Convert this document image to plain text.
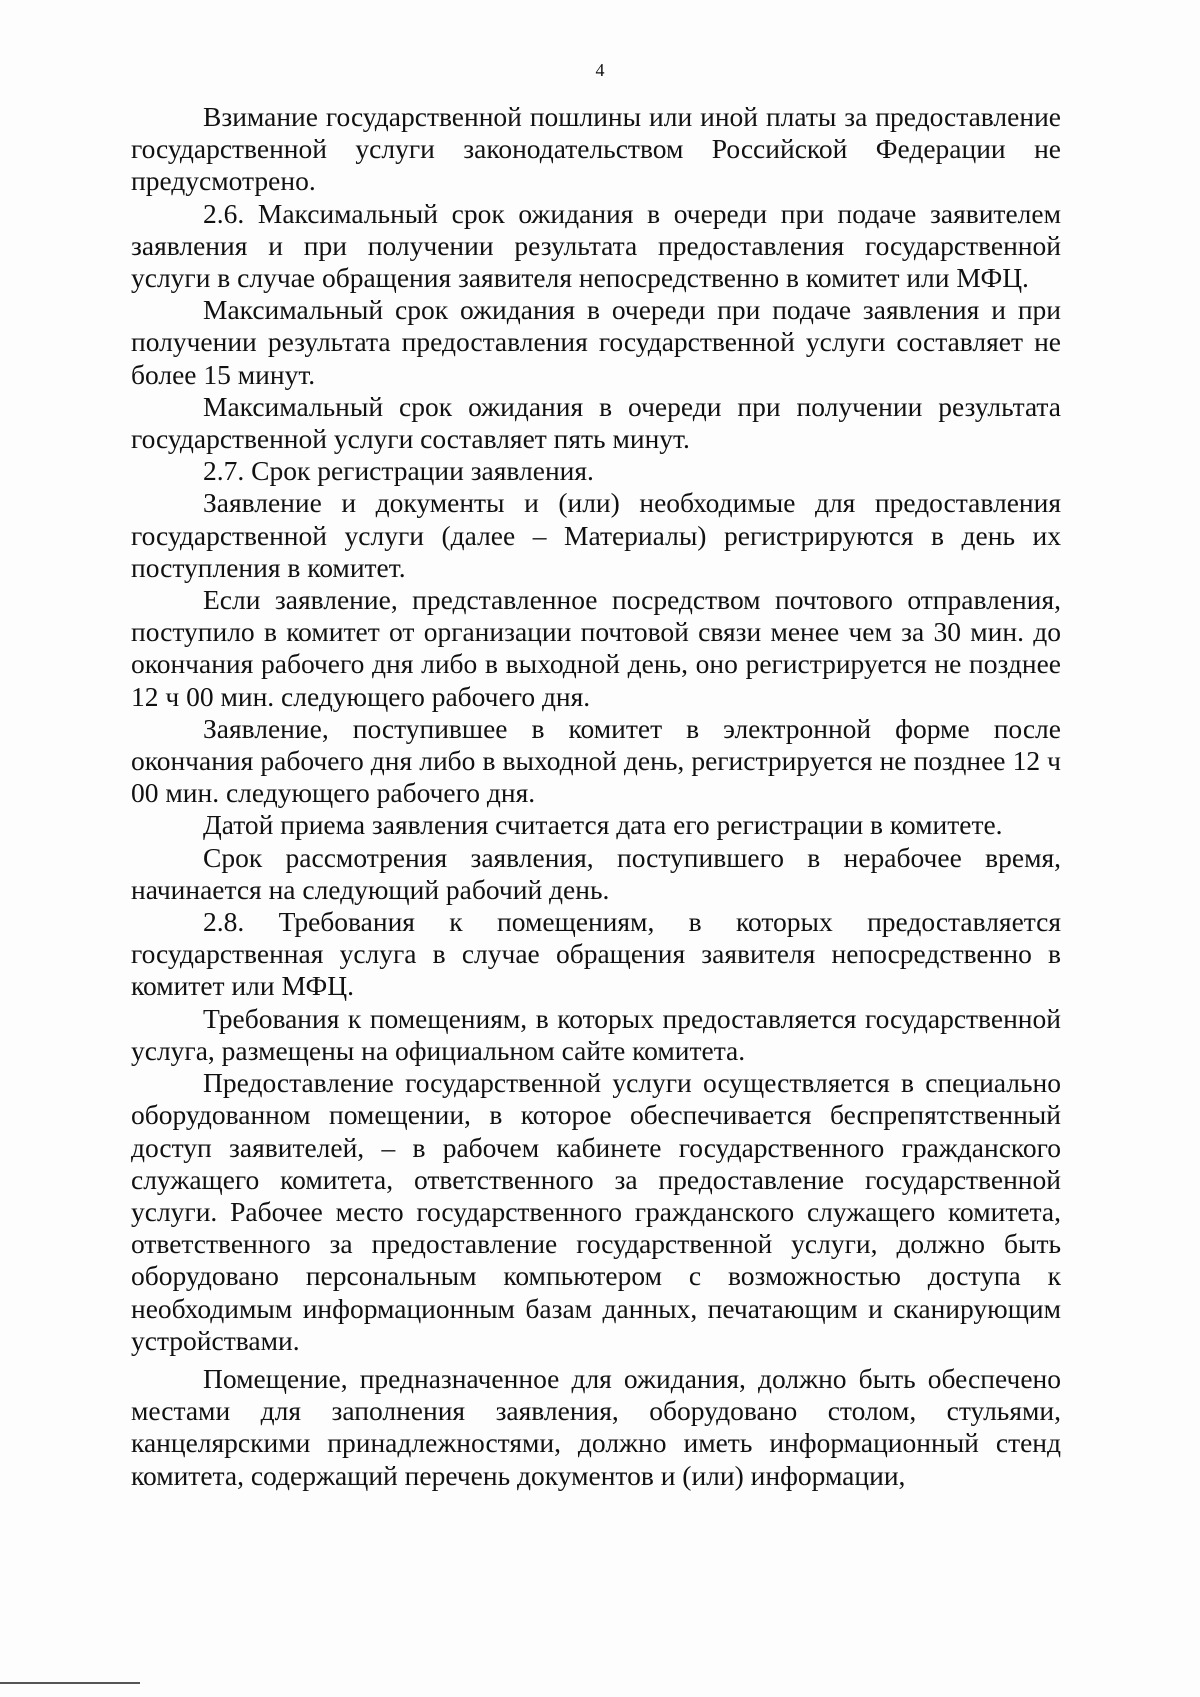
4

Взимание государственной пошлины или иной платы за предоставление государственной услуги законодательством Российской Федерации не предусмотрено.

2.6. Максимальный срок ожидания в очереди при подаче заявителем заявления и при получении результата предоставления государственной услуги в случае обращения заявителя непосредственно в комитет или МФЦ.

Максимальный срок ожидания в очереди при подаче заявления и при получении результата предоставления государственной услуги составляет не более 15 минут.

Максимальный срок ожидания в очереди при получении результата государственной услуги составляет пять минут.

2.7. Срок регистрации заявления.

Заявление и документы и (или) необходимые для предоставления государственной услуги (далее – Материалы) регистрируются в день их поступления в комитет.

Если заявление, представленное посредством почтового отправления, поступило в комитет от организации почтовой связи менее чем за 30 мин. до окончания рабочего дня либо в выходной день, оно регистрируется не позднее 12 ч 00 мин. следующего рабочего дня.

Заявление, поступившее в комитет в электронной форме после окончания рабочего дня либо в выходной день, регистрируется не позднее 12 ч 00 мин. следующего рабочего дня.

Датой приема заявления считается дата его регистрации в комитете.

Срок рассмотрения заявления, поступившего в нерабочее время, начинается на следующий рабочий день.

2.8. Требования к помещениям, в которых предоставляется государственная услуга в случае обращения заявителя непосредственно в комитет или МФЦ.

Требования к помещениям, в которых предоставляется государственной услуга, размещены на официальном сайте комитета.

Предоставление государственной услуги осуществляется в специально оборудованном помещении, в которое обеспечивается беспрепятственный доступ заявителей, – в рабочем кабинете государственного гражданского служащего комитета, ответственного за предоставление государственной услуги. Рабочее место государственного гражданского служащего комитета, ответственного за предоставление государственной услуги, должно быть оборудовано персональным компьютером с возможностью доступа к необходимым информационным базам данных, печатающим и сканирующим устройствами.

Помещение, предназначенное для ожидания, должно быть обеспечено местами для заполнения заявления, оборудовано столом, стульями, канцелярскими принадлежностями, должно иметь информационный стенд комитета, содержащий перечень документов и (или) информации,
